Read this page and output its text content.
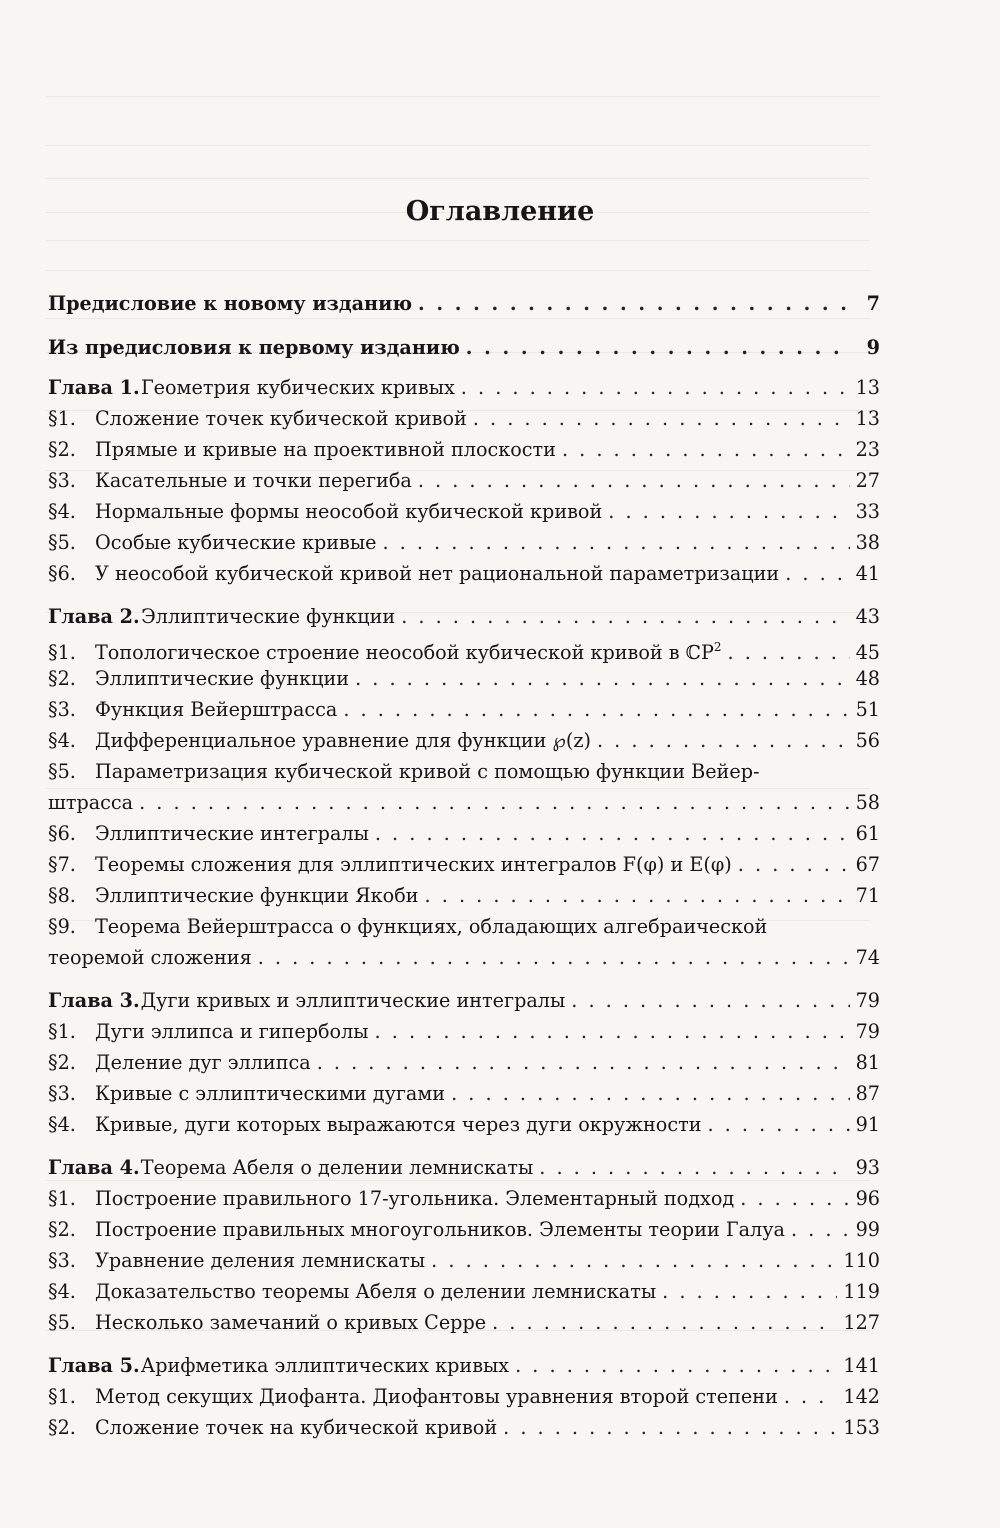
Оглавление
Предисловие к новому изданию . . .	7
Из предисловия к первому изданию . . .	9
Глава 1. Геометрия кубических кривых . . .	13
§1. Сложение точек кубической кривой . . .	13
§2. Прямые и кривые на проективной плоскости . . .	23
§3. Касательные и точки перегиба . . .	27
§4. Нормальные формы неособой кубической кривой . . .	33
§5. Особые кубические кривые . . .	38
§6. У неособой кубической кривой нет рациональной параметризации . . .	41
Глава 2. Эллиптические функции . . .	43
§1. Топологическое строение неособой кубической кривой в ℂP$^2$ . . .	45
§2. Эллиптические функции . . .	48
§3. Функция Вейерштрасса . . .	51
§4. Дифференциальное уравнение для функции ℘(z) . . .	56
§5. Параметризация кубической кривой с помощью функции Вейер-
штрасса . . .	58
§6. Эллиптические интегралы . . .	61
§7. Теоремы сложения для эллиптических интегралов F(φ) и E(φ) . . .	67
§8. Эллиптические функции Якоби . . .	71
§9. Теорема Вейерштрасса о функциях, обладающих алгебраической
теоремой сложения . . .	74
Глава 3. Дуги кривых и эллиптические интегралы . . .	79
§1. Дуги эллипса и гиперболы . . .	79
§2. Деление дуг эллипса . . .	81
§3. Кривые с эллиптическими дугами . . .	87
§4. Кривые, дуги которых выражаются через дуги окружности . . .	91
Глава 4. Теорема Абеля о делении лемнискаты . . .	93
§1. Построение правильного 17-угольника. Элементарный подход . . .	96
§2. Построение правильных многоугольников. Элементы теории Галуа . . .	99
§3. Уравнение деления лемнискаты . . .	110
§4. Доказательство теоремы Абеля о делении лемнискаты . . .	119
§5. Несколько замечаний о кривых Серре . . .	127
Глава 5. Арифметика эллиптических кривых . . .	141
§1. Метод секущих Диофанта. Диофантовы уравнения второй степени . . .	142
§2. Сложение точек на кубической кривой . . .	153
